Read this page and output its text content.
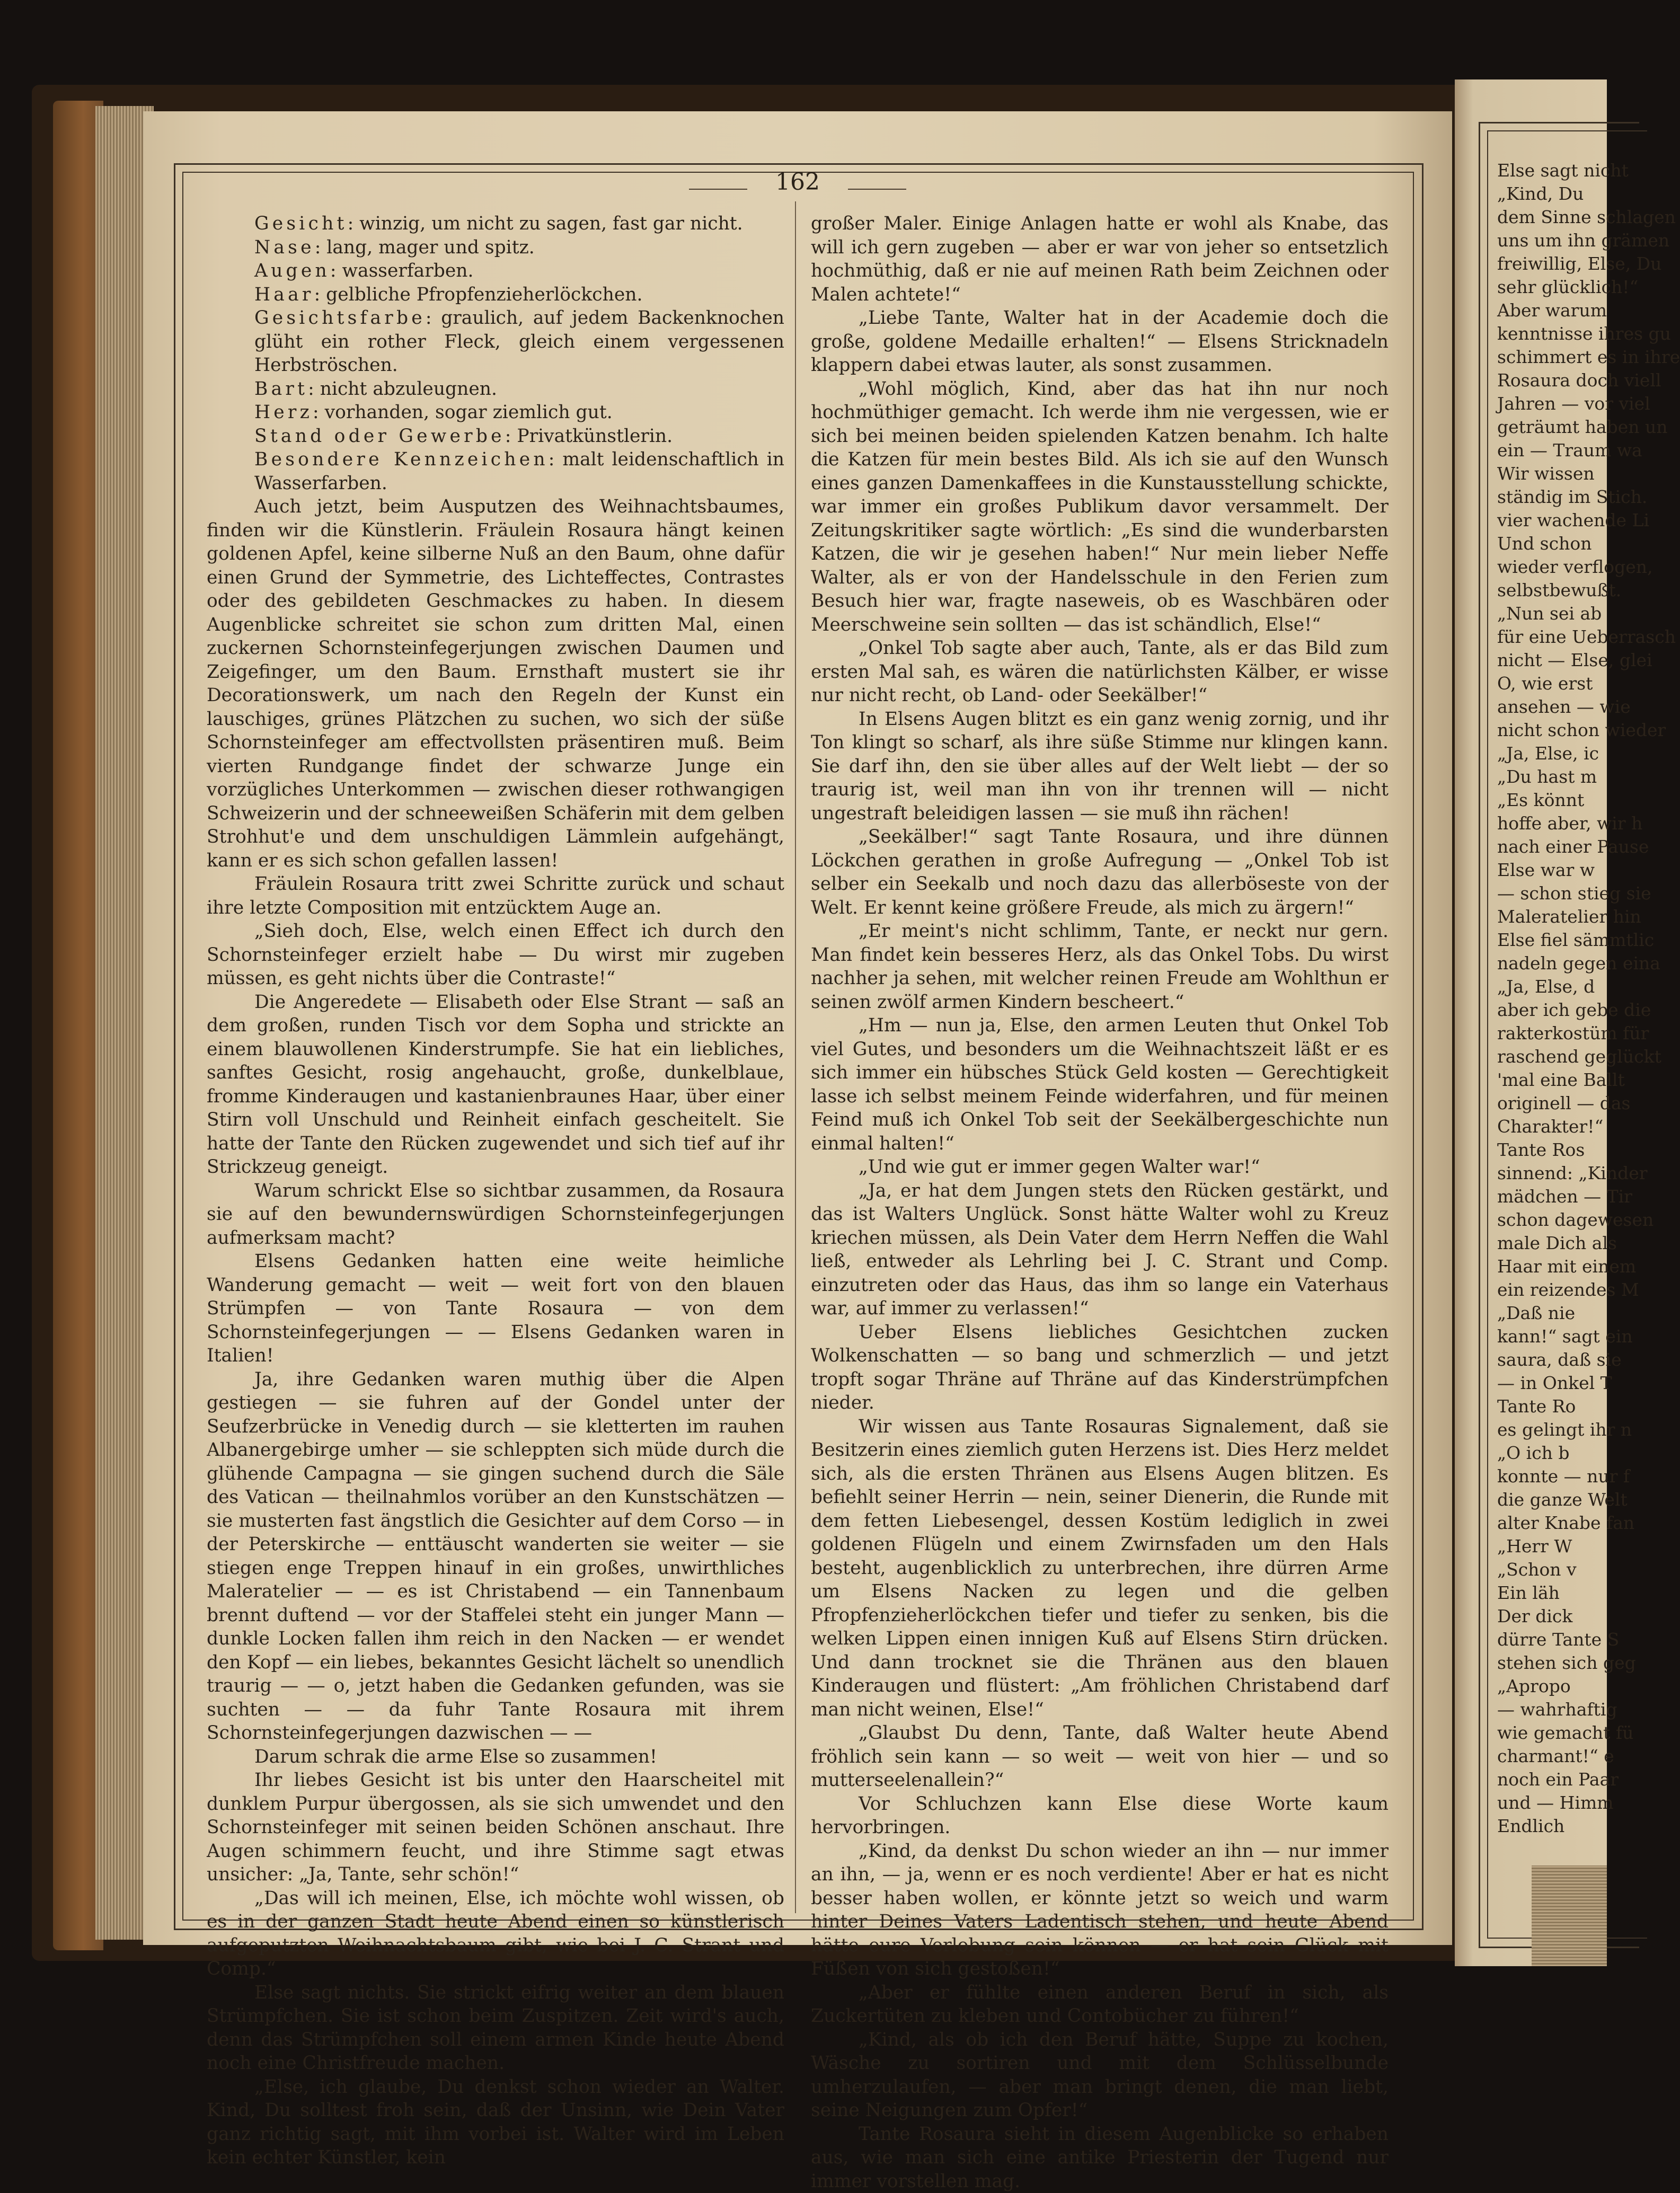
162

Gesicht: winzig, um nicht zu sagen, fast gar nicht.

Nase: lang, mager und spitz.

Augen: wasserfarben.

Haar: gelbliche Pfropfenzieherlöckchen.

Gesichtsfarbe: graulich, auf jedem Backenknochen glüht ein rother Fleck, gleich einem vergessenen Herbströschen.

Bart: nicht abzuleugnen.

Herz: vorhanden, sogar ziemlich gut.

Stand oder Gewerbe: Privatkünstlerin.

Besondere Kennzeichen: malt leidenschaftlich in Wasserfarben.

Auch jetzt, beim Ausputzen des Weihnachtsbaumes, finden wir die Künstlerin. Fräulein Rosaura hängt keinen goldenen Apfel, keine silberne Nuß an den Baum, ohne dafür einen Grund der Symmetrie, des Lichteffectes, Contrastes oder des gebildeten Geschmackes zu haben. In diesem Augenblicke schreitet sie schon zum dritten Mal, einen zuckernen Schornsteinfegerjungen zwischen Daumen und Zeigefinger, um den Baum. Ernsthaft mustert sie ihr Decorationswerk, um nach den Regeln der Kunst ein lauschiges, grünes Plätzchen zu suchen, wo sich der süße Schornsteinfeger am effectvollsten präsentiren muß. Beim vierten Rundgange findet der schwarze Junge ein vorzügliches Unterkommen — zwischen dieser rothwangigen Schweizerin und der schneeweißen Schäferin mit dem gelben Strohhut'e und dem unschuldigen Lämmlein aufgehängt, kann er es sich schon gefallen lassen!

Fräulein Rosaura tritt zwei Schritte zurück und schaut ihre letzte Composition mit entzücktem Auge an.

„Sieh doch, Else, welch einen Effect ich durch den Schornsteinfeger erzielt habe — Du wirst mir zugeben müssen, es geht nichts über die Contraste!“

Die Angeredete — Elisabeth oder Else Strant — saß an dem großen, runden Tisch vor dem Sopha und strickte an einem blauwollenen Kinderstrumpfe. Sie hat ein liebliches, sanftes Gesicht, rosig angehaucht, große, dunkelblaue, fromme Kinderaugen und kastanienbraunes Haar, über einer Stirn voll Unschuld und Reinheit einfach gescheitelt. Sie hatte der Tante den Rücken zugewendet und sich tief auf ihr Strickzeug geneigt.

Warum schrickt Else so sichtbar zusammen, da Rosaura sie auf den bewundernswürdigen Schornsteinfegerjungen aufmerksam macht?

Elsens Gedanken hatten eine weite heimliche Wanderung gemacht — weit — weit fort von den blauen Strümpfen — von Tante Rosaura — von dem Schornsteinfegerjungen — — Elsens Gedanken waren in Italien!

Ja, ihre Gedanken waren muthig über die Alpen gestiegen — sie fuhren auf der Gondel unter der Seufzerbrücke in Venedig durch — sie kletterten im rauhen Albanergebirge umher — sie schleppten sich müde durch die glühende Campagna — sie gingen suchend durch die Säle des Vatican — theilnahmlos vorüber an den Kunstschätzen — sie musterten fast ängstlich die Gesichter auf dem Corso — in der Peterskirche — enttäuscht wanderten sie weiter — sie stiegen enge Treppen hinauf in ein großes, unwirthliches Maleratelier — — es ist Christabend — ein Tannenbaum brennt duftend — vor der Staffelei steht ein junger Mann — dunkle Locken fallen ihm reich in den Nacken — er wendet den Kopf — ein liebes, bekanntes Gesicht lächelt so unendlich traurig — — o, jetzt haben die Gedanken gefunden, was sie suchten — — da fuhr Tante Rosaura mit ihrem Schornsteinfegerjungen dazwischen — —

Darum schrak die arme Else so zusammen!

Ihr liebes Gesicht ist bis unter den Haarscheitel mit dunklem Purpur übergossen, als sie sich umwendet und den Schornsteinfeger mit seinen beiden Schönen anschaut. Ihre Augen schimmern feucht, und ihre Stimme sagt etwas unsicher: „Ja, Tante, sehr schön!“

„Das will ich meinen, Else, ich möchte wohl wissen, ob es in der ganzen Stadt heute Abend einen so künstlerisch aufgeputzten Weihnachtsbaum gibt, wie bei J. C. Strant und Comp.“

Else sagt nichts. Sie strickt eifrig weiter an dem blauen Strümpfchen. Sie ist schon beim Zuspitzen. Zeit wird's auch, denn das Strümpfchen soll einem armen Kinde heute Abend noch eine Christfreude machen.

„Else, ich glaube, Du denkst schon wieder an Walter. Kind, Du solltest froh sein, daß der Unsinn, wie Dein Vater ganz richtig sagt, mit ihm vorbei ist. Walter wird im Leben kein echter Künstler, kein

großer Maler. Einige Anlagen hatte er wohl als Knabe, das will ich gern zugeben — aber er war von jeher so entsetzlich hochmüthig, daß er nie auf meinen Rath beim Zeichnen oder Malen achtete!“

„Liebe Tante, Walter hat in der Academie doch die große, goldene Medaille erhalten!“ — Elsens Stricknadeln klappern dabei etwas lauter, als sonst zusammen.

„Wohl möglich, Kind, aber das hat ihn nur noch hochmüthiger gemacht. Ich werde ihm nie vergessen, wie er sich bei meinen beiden spielenden Katzen benahm. Ich halte die Katzen für mein bestes Bild. Als ich sie auf den Wunsch eines ganzen Damenkaffees in die Kunstausstellung schickte, war immer ein großes Publikum davor versammelt. Der Zeitungskritiker sagte wörtlich: „Es sind die wunderbarsten Katzen, die wir je gesehen haben!“ Nur mein lieber Neffe Walter, als er von der Handelsschule in den Ferien zum Besuch hier war, fragte naseweis, ob es Waschbären oder Meerschweine sein sollten — das ist schändlich, Else!“

„Onkel Tob sagte aber auch, Tante, als er das Bild zum ersten Mal sah, es wären die natürlichsten Kälber, er wisse nur nicht recht, ob Land- oder Seekälber!“

In Elsens Augen blitzt es ein ganz wenig zornig, und ihr Ton klingt so scharf, als ihre süße Stimme nur klingen kann. Sie darf ihn, den sie über alles auf der Welt liebt — der so traurig ist, weil man ihn von ihr trennen will — nicht ungestraft beleidigen lassen — sie muß ihn rächen!

„Seekälber!“ sagt Tante Rosaura, und ihre dünnen Löckchen gerathen in große Aufregung — „Onkel Tob ist selber ein Seekalb und noch dazu das allerböseste von der Welt. Er kennt keine größere Freude, als mich zu ärgern!“

„Er meint's nicht schlimm, Tante, er neckt nur gern. Man findet kein besseres Herz, als das Onkel Tobs. Du wirst nachher ja sehen, mit welcher reinen Freude am Wohlthun er seinen zwölf armen Kindern bescheert.“

„Hm — nun ja, Else, den armen Leuten thut Onkel Tob viel Gutes, und besonders um die Weihnachtszeit läßt er es sich immer ein hübsches Stück Geld kosten — Gerechtigkeit lasse ich selbst meinem Feinde widerfahren, und für meinen Feind muß ich Onkel Tob seit der Seekälbergeschichte nun einmal halten!“

„Und wie gut er immer gegen Walter war!“

„Ja, er hat dem Jungen stets den Rücken gestärkt, und das ist Walters Unglück. Sonst hätte Walter wohl zu Kreuz kriechen müssen, als Dein Vater dem Herrn Neffen die Wahl ließ, entweder als Lehrling bei J. C. Strant und Comp. einzutreten oder das Haus, das ihm so lange ein Vaterhaus war, auf immer zu verlassen!“

Ueber Elsens liebliches Gesichtchen zucken Wolkenschatten — so bang und schmerzlich — und jetzt tropft sogar Thräne auf Thräne auf das Kinderstrümpfchen nieder.

Wir wissen aus Tante Rosauras Signalement, daß sie Besitzerin eines ziemlich guten Herzens ist. Dies Herz meldet sich, als die ersten Thränen aus Elsens Augen blitzen. Es befiehlt seiner Herrin — nein, seiner Dienerin, die Runde mit dem fetten Liebesengel, dessen Kostüm lediglich in zwei goldenen Flügeln und einem Zwirnsfaden um den Hals besteht, augenblicklich zu unterbrechen, ihre dürren Arme um Elsens Nacken zu legen und die gelben Pfropfenzieherlöckchen tiefer und tiefer zu senken, bis die welken Lippen einen innigen Kuß auf Elsens Stirn drücken. Und dann trocknet sie die Thränen aus den blauen Kinderaugen und flüstert: „Am fröhlichen Christabend darf man nicht weinen, Else!“

„Glaubst Du denn, Tante, daß Walter heute Abend fröhlich sein kann — so weit — weit von hier — und so mutterseelenallein?“

Vor Schluchzen kann Else diese Worte kaum hervorbringen.

„Kind, da denkst Du schon wieder an ihn — nur immer an ihn, — ja, wenn er es noch verdiente! Aber er hat es nicht besser haben wollen, er könnte jetzt so weich und warm hinter Deines Vaters Ladentisch stehen, und heute Abend hätte eure Verlobung sein können — er hat sein Glück mit Füßen von sich gestoßen!“

„Aber er fühlte einen anderen Beruf in sich, als Zuckertüten zu kleben und Contobücher zu führen!“

„Kind, als ob ich den Beruf hätte, Suppe zu kochen, Wäsche zu sortiren und mit dem Schlüsselbunde umherzulaufen, — aber man bringt denen, die man liebt, seine Neigungen zum Opfer!“

Tante Rosaura sieht in diesem Augenblicke so erhaben aus, wie man sich eine antike Priesterin der Tugend nur immer vorstellen mag.

Else sagt nicht
„Kind, Du
dem Sinne schlagen
uns um ihn grämen
freiwillig, Else, Du
sehr glücklich!“
Aber warum
kenntnisse ihres gu
schimmert es in ihre
Rosaura doch viell
Jahren — vor viel
geträumt haben un
ein — Traum wa
Wir wissen
ständig im Stich.
vier wachende Li
Und schon
wieder verflogen,
selbstbewußt.
„Nun sei ab
für eine Ueberrasch
nicht — Else, glei
O, wie erst
ansehen — wie
nicht schon wieder
„Ja, Else, ic
„Du hast m
„Es könnt
hoffe aber, wir h
nach einer Pause
Else war w
— schon stieg sie
Maleratelier hin
Else fiel sämmtlic
nadeln gegen eina
„Ja, Else, d
aber ich gebe die
rakterkostüm für
raschend geglückt
'mal eine Ballt
originell — das
Charakter!“
Tante Ros
sinnend: „Kinder
mädchen — Tir
schon dagewesen
male Dich als
Haar mit einem
ein reizendes M
„Daß nie
kann!“ sagt ein
saura, daß sie
— in Onkel T
Tante Ro
es gelingt ihr n
„O ich b
konnte — nur f
die ganze Welt
alter Knabe fan
„Herr W
„Schon v
Ein läh
Der dick
dürre Tante S
stehen sich geg
„Apropo
— wahrhaftig
wie gemacht fü
charmant!“ e
noch ein Paar
und — Himm
Endlich
